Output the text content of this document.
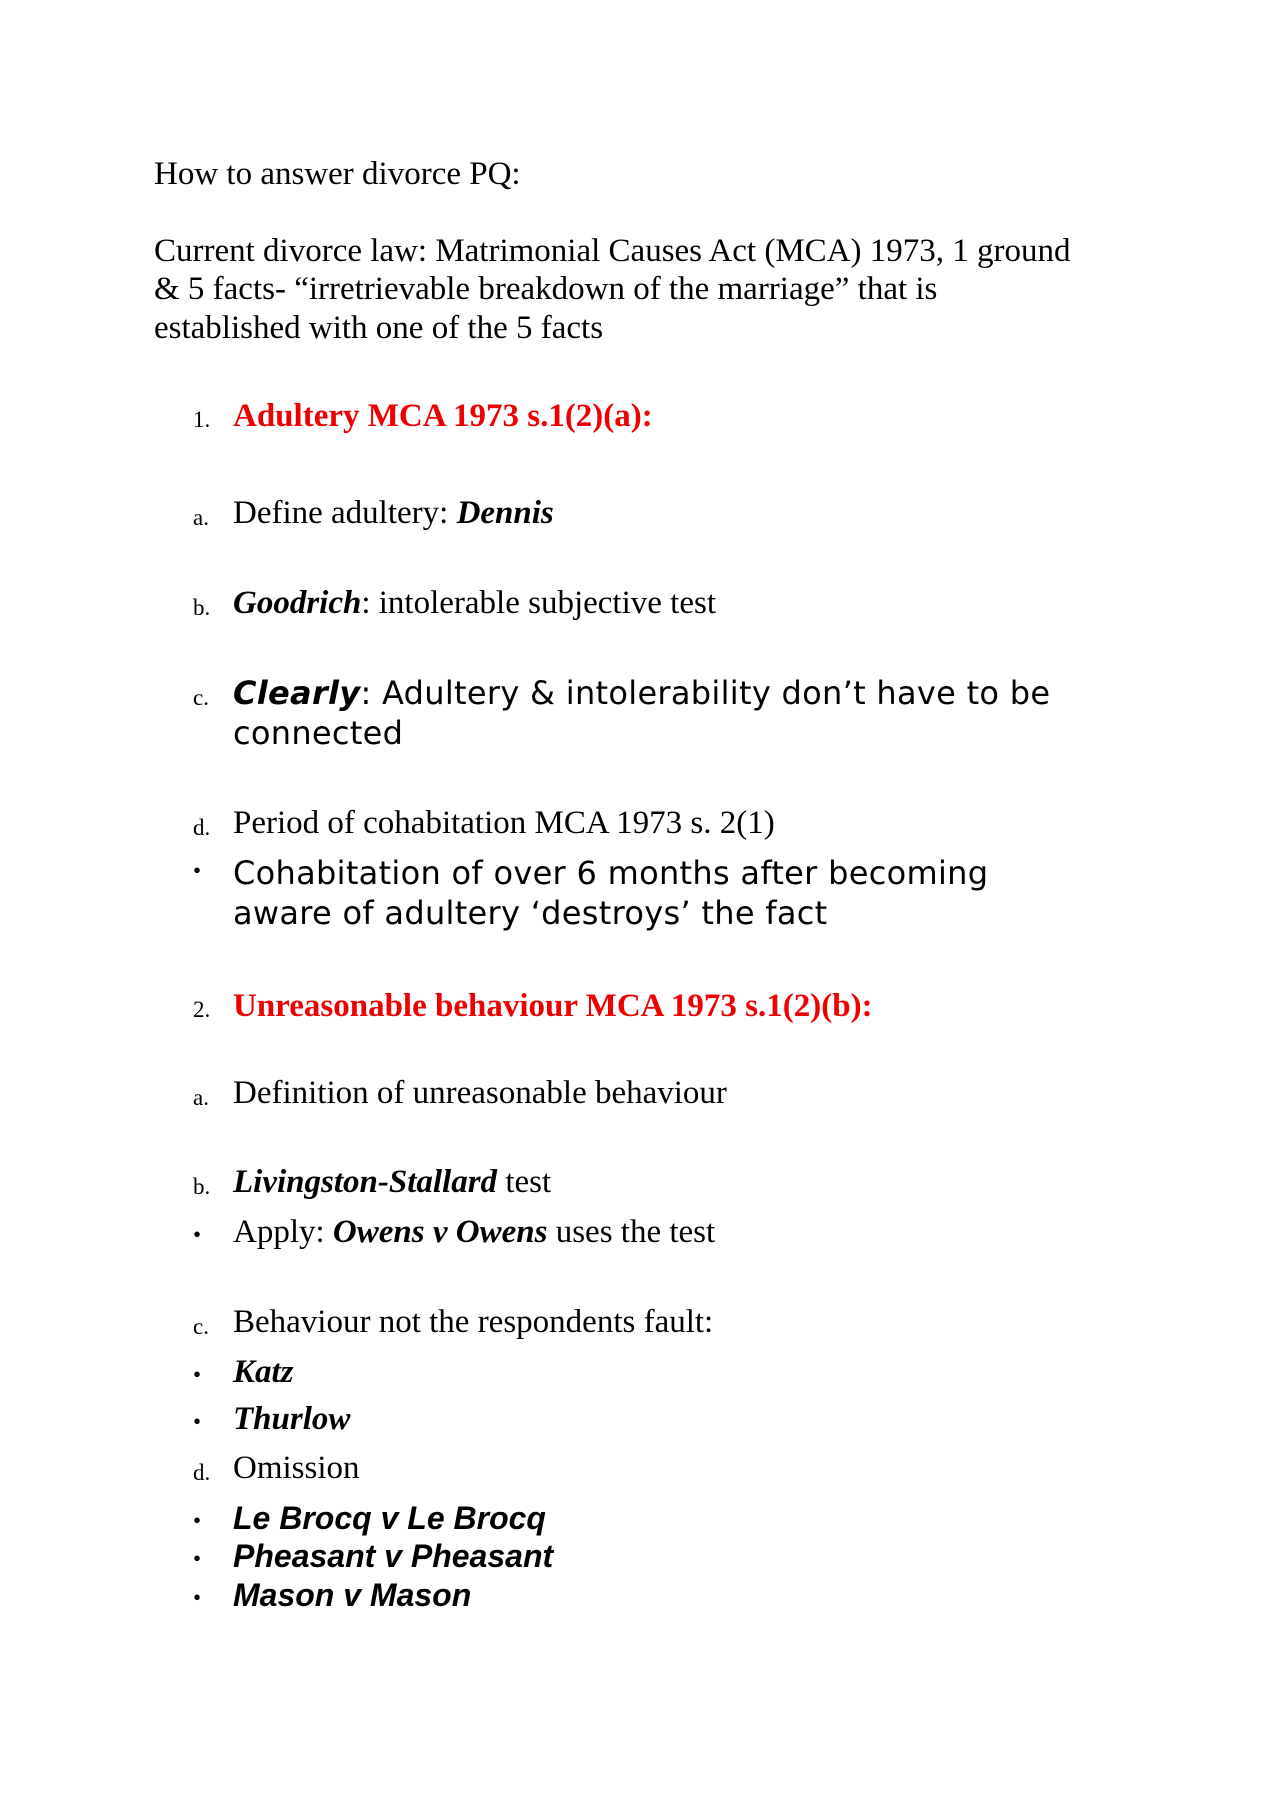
How to answer divorce PQ:
Current divorce law: Matrimonial Causes Act (MCA) 1973, 1 ground
& 5 facts- “irretrievable breakdown of the marriage” that is
established with one of the 5 facts
1. Adultery MCA 1973 s.1(2)(a):
a. Define adultery: Dennis
b. Goodrich: intolerable subjective test
c. Clearly: Adultery & intolerability don’t have to be
connected
d. Period of cohabitation MCA 1973 s. 2(1)
• Cohabitation of over 6 months after becoming
aware of adultery ‘destroys’ the fact
2. Unreasonable behaviour MCA 1973 s.1(2)(b):
a. Definition of unreasonable behaviour
b. Livingston-Stallard test
• Apply: Owens v Owens uses the test
c. Behaviour not the respondents fault:
• Katz
• Thurlow
d. Omission
• Le Brocq v Le Brocq
• Pheasant v Pheasant
• Mason v Mason
